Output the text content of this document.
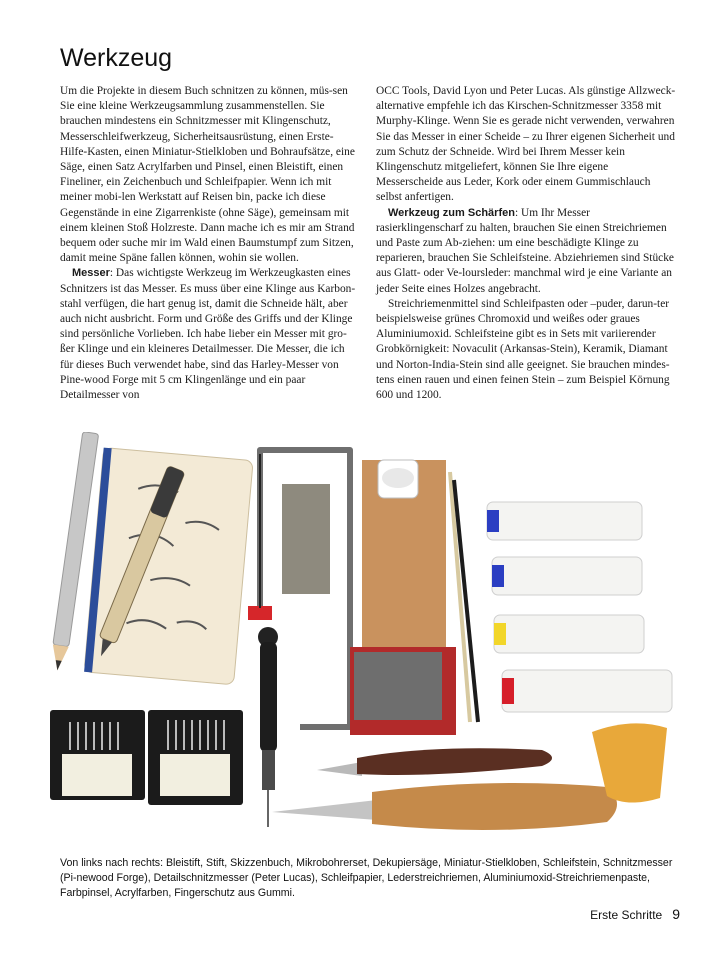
Werkzeug

Um die Projekte in diesem Buch schnitzen zu können, müs-sen Sie eine kleine Werkzeugsammlung zusammenstellen. Sie brauchen mindestens ein Schnitzmesser mit Klingenschutz, Messerschleifwerkzeug, Sicherheitsausrüstung, einen Erste-Hilfe-Kasten, einen Miniatur-Stielkloben und Bohraufsätze, eine Säge, einen Satz Acrylfarben und Pinsel, einen Bleistift, einen Fineliner, ein Zeichenbuch und Schleifpapier. Wenn ich mit meiner mobi-len Werkstatt auf Reisen bin, packe ich diese Gegenstände in eine Zigarrenkiste (ohne Säge), gemeinsam mit einem kleinen Stoß Holzreste. Dann mache ich es mir am Strand bequem oder suche mir im Wald einen Baumstumpf zum Sitzen, damit meine Späne fallen können, wohin sie wollen.

Messer: Das wichtigste Werkzeug im Werkzeugkasten eines Schnitzers ist das Messer. Es muss über eine Klinge aus Karbon-stahl verfügen, die hart genug ist, damit die Schneide hält, aber auch nicht ausbricht. Form und Größe des Griffs und der Klinge sind persönliche Vorlieben. Ich habe lieber ein Messer mit gro-ßer Klinge und ein kleineres Detailmesser. Die Messer, die ich für dieses Buch verwendet habe, sind das Harley-Messer von Pine-wood Forge mit 5 cm Klingenlänge und ein paar Detailmesser von

OCC Tools, David Lyon und Peter Lucas. Als günstige Allzweck-alternative empfehle ich das Kirschen-Schnitzmesser 3358 mit Murphy-Klinge. Wenn Sie es gerade nicht verwenden, verwahren Sie das Messer in einer Scheide – zu Ihrer eigenen Sicherheit und zum Schutz der Schneide. Wird bei Ihrem Messer kein Klingenschutz mitgeliefert, können Sie Ihre eigene Messerscheide aus Leder, Kork oder einem Gummischlauch selbst anfertigen.

Werkzeug zum Schärfen: Um Ihr Messer rasierklingenscharf zu halten, brauchen Sie einen Streichriemen und Paste zum Ab-ziehen: um eine beschädigte Klinge zu reparieren, brauchen Sie Schleifsteine. Abziehriemen sind Stücke aus Glatt- oder Ve-loursleder: manchmal wird je eine Variante an jeder Seite eines Holzes angebracht.

Streichriemenmittel sind Schleifpasten oder –puder, darun-ter beispielsweise grünes Chromoxid und weißes oder graues Aluminiumoxid. Schleifsteine gibt es in Sets mit variierender Grobkörnigkeit: Novaculit (Arkansas-Stein), Keramik, Diamant und Norton-India-Stein sind alle geeignet. Sie brauchen mindes-tens einen rauen und einen feinen Stein – zum Beispiel Körnung 600 und 1200.

Von links nach rechts: Bleistift, Stift, Skizzenbuch, Mikrobohrerset, Dekupiersäge, Miniatur-Stielkloben, Schleifstein, Schnitzmesser (Pi-newood Forge), Detailschnitzmesser (Peter Lucas), Schleifpapier, Lederstreichriemen, Aluminiumoxid-Streichriemenpaste, Farbpinsel, Acrylfarben, Fingerschutz aus Gummi.
Erste Schritte 9
